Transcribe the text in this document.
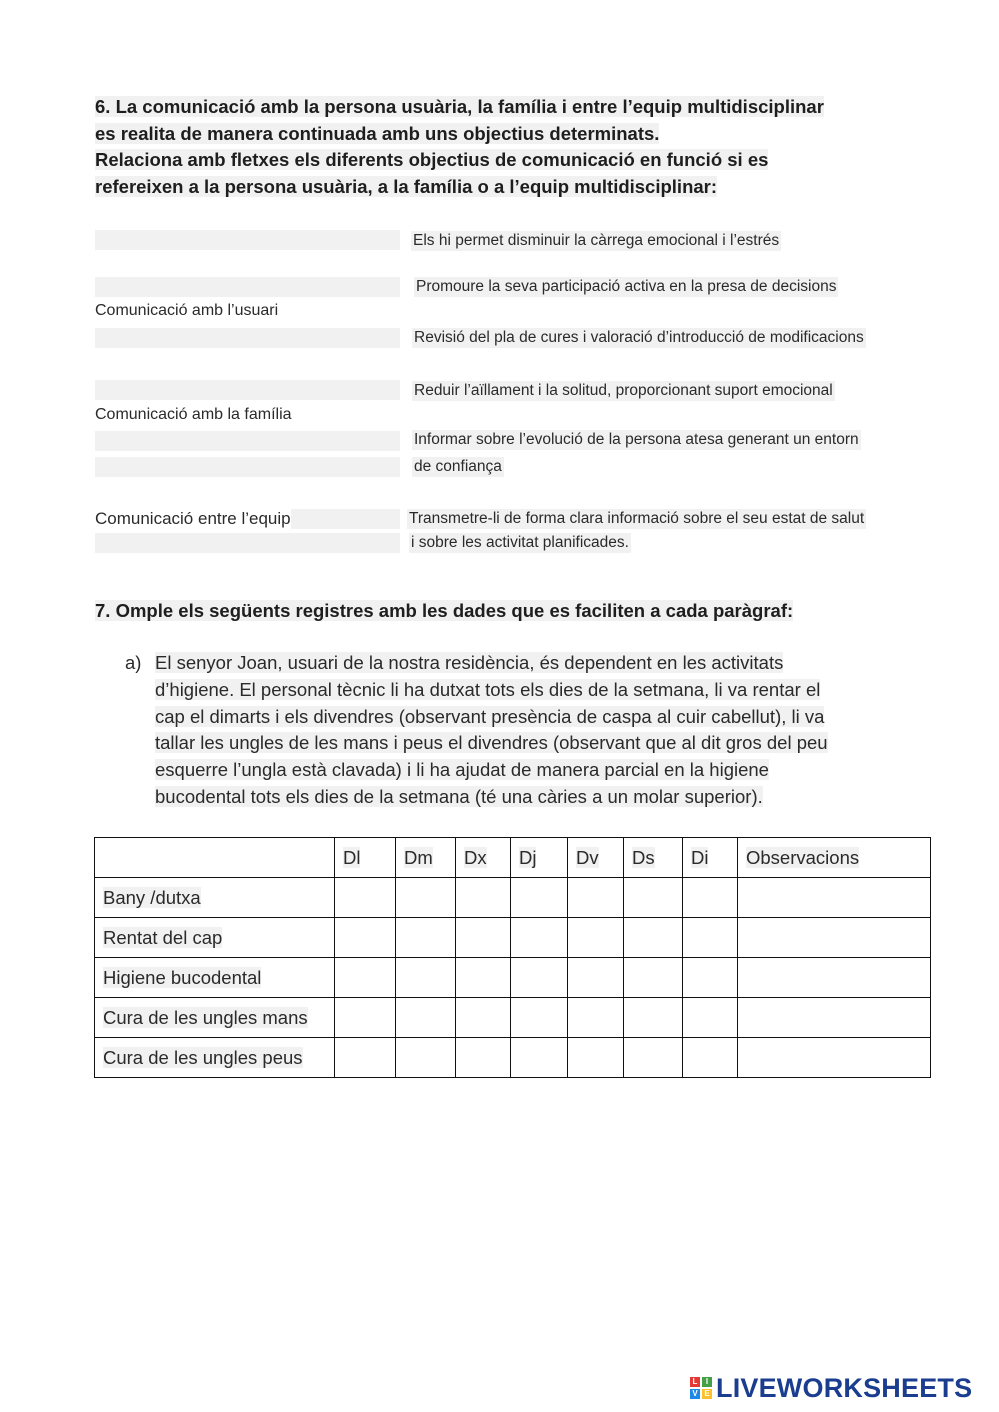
6. La comunicació amb la persona usuària, la família i entre l’equip multidisciplinar
es realita de manera continuada amb uns objectius determinats.
Relaciona amb fletxes els diferents objectius de comunicació en funció si es
refereixen a la persona usuària, a la família o a l’equip multidisciplinar:
Comunicació amb l’usuari
Comunicació amb la família
Comunicació entre l’equip
Els hi permet disminuir la càrrega emocional i l’estrés
Promoure la seva participació activa en la presa de decisions
Revisió del pla de cures i valoració d’introducció de modificacions
Reduir l’aïllament i la solitud, proporcionant suport emocional
Informar sobre l’evolució de la persona atesa generant un entorn
de confiança
Transmetre-li de forma clara informació sobre el seu estat de salut
i sobre les activitat planificades.
7. Omple els següents registres amb les dades que es faciliten a cada paràgraf:
a) El senyor Joan, usuari de la nostra residència, és dependent en les activitats
d’higiene. El personal tècnic li ha dutxat tots els dies de la setmana, li va rentar el
cap el dimarts i els divendres (observant presència de caspa al cuir cabellut), li va
tallar les ungles de les mans i peus el divendres (observant que al dit gros del peu
esquerre l’ungla està clavada) i li ha ajudat de manera parcial en la higiene
bucodental tots els dies de la setmana (té una càries a un molar superior).
	Dl	Dm	Dx	Dj	Dv	Ds	Di	Observacions
Bany /dutxa								
Rentat del cap								
Higiene bucodental								
Cura de les ungles mans								
Cura de les ungles peus								
L	I
V E LIVEWORKSHEETS
